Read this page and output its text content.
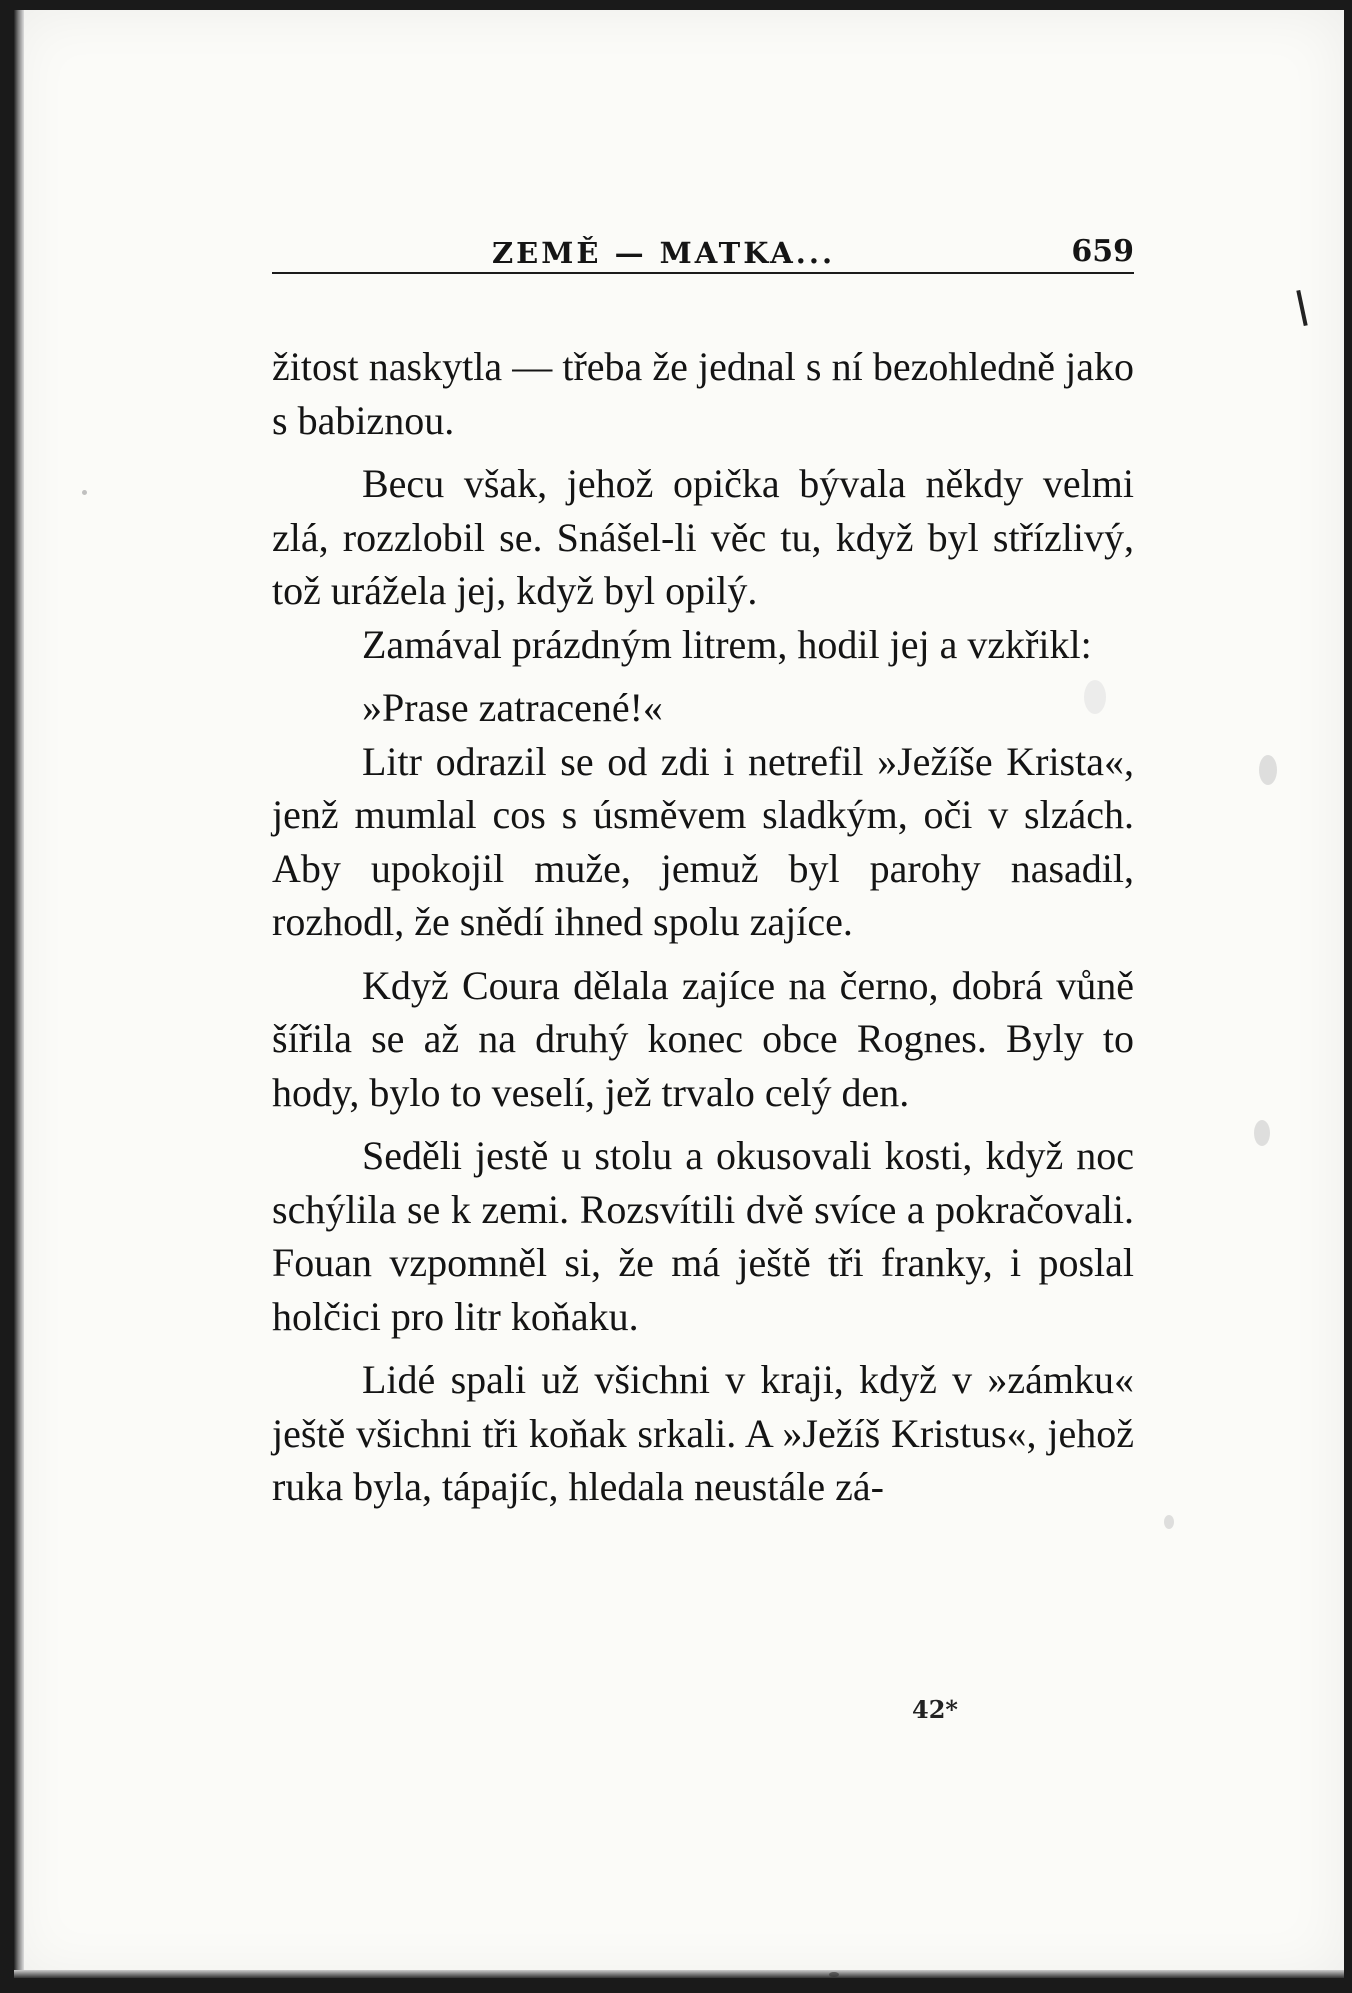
ZEMĚ — MATKA...	659

žitost naskytla — třeba že jednal s ní bezohledně jako s babiznou.

Becu však, jehož opička bývala někdy velmi zlá, rozzlobil se. Snášel-li věc tu, když byl střízlivý, tož urážela jej, když byl opilý.

Zamával prázdným litrem, hodil jej a vzkřikl:

»Prase zatracené!«

Litr odrazil se od zdi i netrefil »Ježíše Krista«, jenž mumlal cos s úsměvem sladkým, oči v slzách. Aby upokojil muže, jemuž byl parohy nasadil, rozhodl, že snědí ihned spolu zajíce.

Když Coura dělala zajíce na černo, dobrá vůně šířila se až na druhý konec obce Rognes. Byly to hody, bylo to veselí, jež trvalo celý den.

Seděli jestě u stolu a okusovali kosti, když noc schýlila se k zemi. Rozsvítili dvě svíce a pokračovali. Fouan vzpomněl si, že má ještě tři franky, i poslal holčici pro litr koňaku.

Lidé spali už všichni v kraji, když v »zámku« ještě všichni tři koňak srkali. A »Ježíš Kristus«, jehož ruka byla, tápajíc, hledala neustále zá-

42*
